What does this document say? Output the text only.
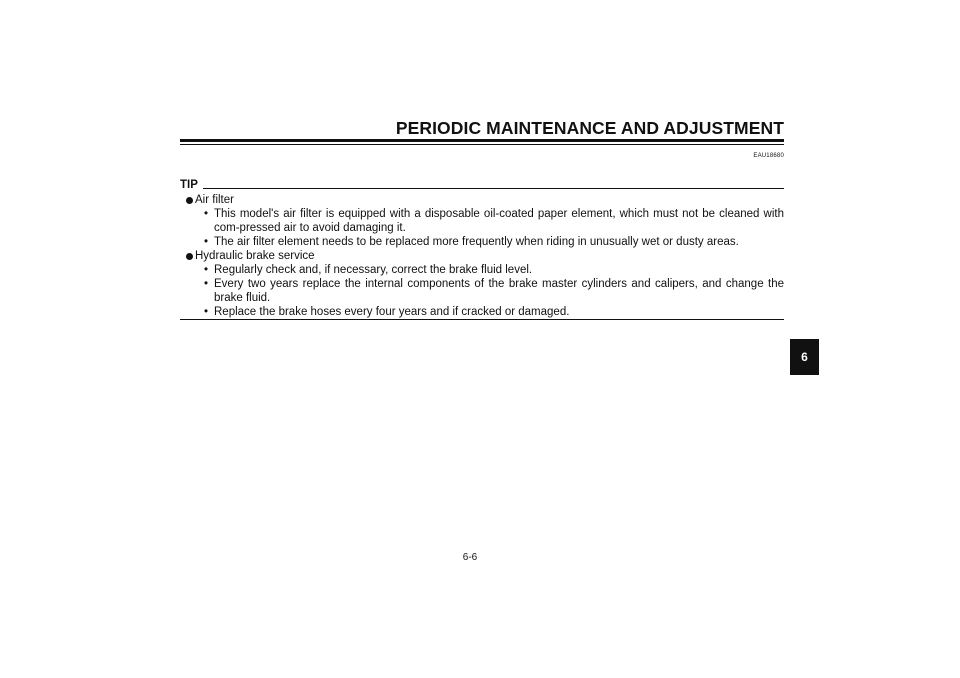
PERIODIC MAINTENANCE AND ADJUSTMENT
EAU18680
TIP
Air filter
• This model's air filter is equipped with a disposable oil-coated paper element, which must not be cleaned with com-pressed air to avoid damaging it.
• The air filter element needs to be replaced more frequently when riding in unusually wet or dusty areas.
Hydraulic brake service
• Regularly check and, if necessary, correct the brake fluid level.
• Every two years replace the internal components of the brake master cylinders and calipers, and change the brake fluid.
• Replace the brake hoses every four years and if cracked or damaged.
6
6-6
